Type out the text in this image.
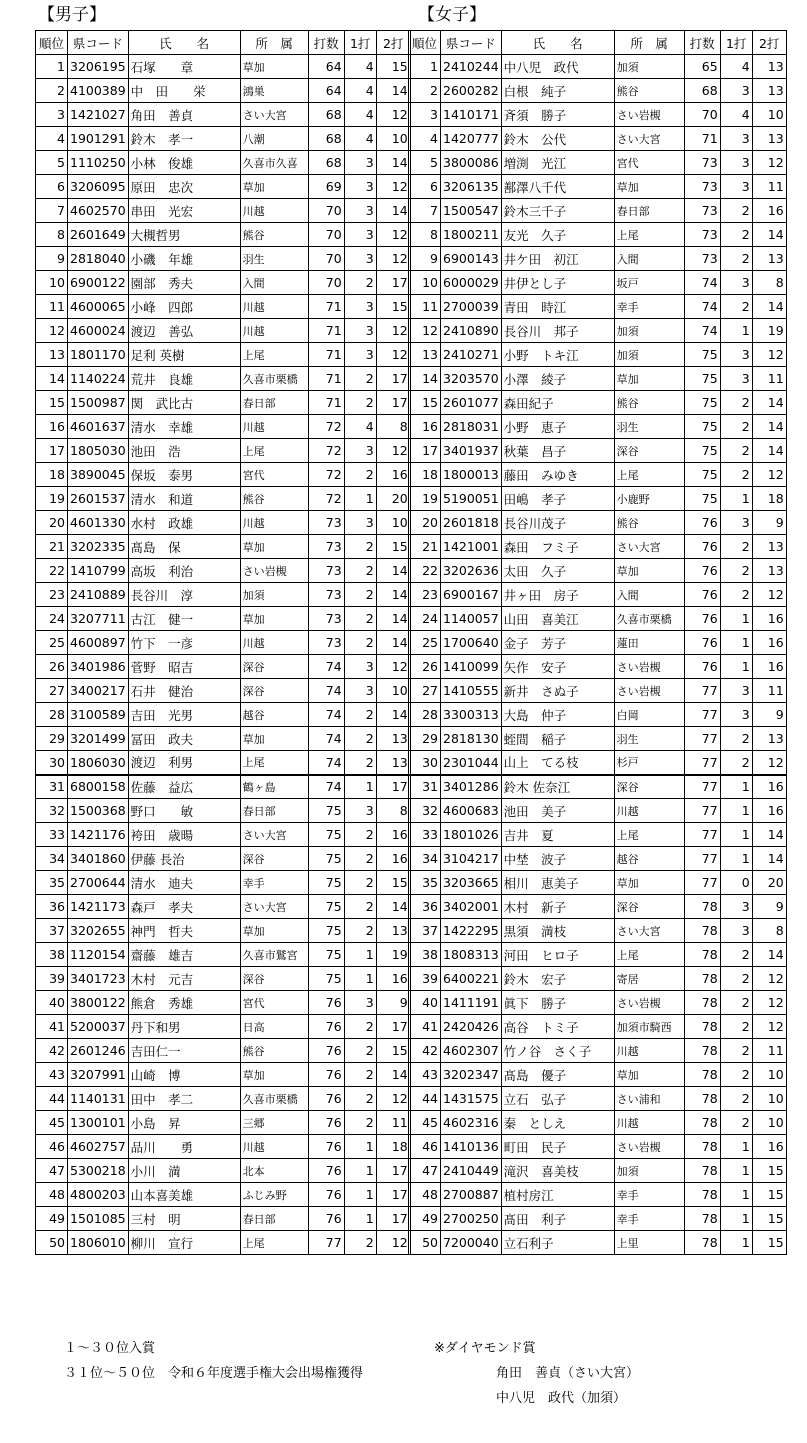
【男子】	【女子】
順位	県コード	氏　　名	所　属	打数	1打	2打
1	3206195	石塚　　章	草加	64	4	15
2	4100389	中　田　　栄	鴻巣	64	4	14
3	1421027	角田　善貞	さい大宮	68	4	12
4	1901291	鈴木　孝一	八潮	68	4	10
5	1110250	小林　俊雄	久喜市久喜	68	3	14
6	3206095	原田　忠次	草加	69	3	12
7	4602570	串田　光宏	川越	70	3	14
8	2601649	大槻哲男	熊谷	70	3	12
9	2818040	小磯　年雄	羽生	70	3	12
10	6900122	園部　秀夫	入間	70	2	17
11	4600065	小峰　四郎	川越	71	3	15
12	4600024	渡辺　善弘	川越	71	3	12
13	1801170	足利 英樹	上尾	71	3	12
14	1140224	荒井　良雄	久喜市栗橋	71	2	17
15	1500987	関　武比古	春日部	71	2	17
16	4601637	清水　幸雄	川越	72	4	8
17	1805030	池田　浩	上尾	72	3	12
18	3890045	保坂　泰男	宮代	72	2	16
19	2601537	清水　和道	熊谷	72	1	20
20	4601330	水村　政雄	川越	73	3	10
21	3202335	髙島　保	草加	73	2	15
22	1410799	高坂　利治	さい岩槻	73	2	14
23	2410889	長谷川　淳	加須	73	2	14
24	3207711	古江　健一	草加	73	2	14
25	4600897	竹下　一彦	川越	73	2	14
26	3401986	菅野　昭吉	深谷	74	3	12
27	3400217	石井　健治	深谷	74	3	10
28	3100589	吉田　光男	越谷	74	2	14
29	3201499	冨田　政夫	草加	74	2	13
30	1806030	渡辺　利男	上尾	74	2	13
31	6800158	佐藤　益広	鶴ヶ島	74	1	17
32	1500368	野口　　敏	春日部	75	3	8
33	1421176	袴田　歳暘	さい大宮	75	2	16
34	3401860	伊藤 長治	深谷	75	2	16
35	2700644	清水　迪夫	幸手	75	2	15
36	1421173	森戸　孝夫	さい大宮	75	2	14
37	3202655	神門　哲夫	草加	75	2	13
38	1120154	齋藤　雄吉	久喜市鷲宮	75	1	19
39	3401723	木村　元吉	深谷	75	1	16
40	3800122	熊倉　秀雄	宮代	76	3	9
41	5200037	丹下和男	日高	76	2	17
42	2601246	吉田仁一	熊谷	76	2	15
43	3207991	山崎　博	草加	76	2	14
44	1140131	田中　孝二	久喜市栗橋	76	2	12
45	1300101	小島　昇	三郷	76	2	11
46	4602757	品川　　勇	川越	76	1	18
47	5300218	小川　満	北本	76	1	17
48	4800203	山本喜美雄	ふじみ野	76	1	17
49	1501085	三村　明	春日部	76	1	17
50	1806010	柳川　宣行	上尾	77	2	12
順位	県コード	氏　　名	所　属	打数	1打	2打
1	2410244	中八児　政代	加須	65	4	13
2	2600282	白根　純子	熊谷	68	3	13
3	1410171	斉須　勝子	さい岩槻	70	4	10
4	1420777	鈴木　公代	さい大宮	71	3	13
5	3800086	増渕　光江	宮代	73	3	12
6	3206135	鄯澤八千代	草加	73	3	11
7	1500547	鈴木三千子	春日部	73	2	16
8	1800211	友光　久子	上尾	73	2	14
9	6900143	井ケ田　初江	入間	73	2	13
10	6000029	井伊とし子	坂戸	74	3	8
11	2700039	青田　時江	幸手	74	2	14
12	2410890	長谷川　邦子	加須	74	1	19
13	2410271	小野　トキ江	加須	75	3	12
14	3203570	小澤　綾子	草加	75	3	11
15	2601077	森田紀子	熊谷	75	2	14
16	2818031	小野　恵子	羽生	75	2	14
17	3401937	秋葉　昌子	深谷	75	2	14
18	1800013	藤田　みゆき	上尾	75	2	12
19	5190051	田嶋　孝子	小鹿野	75	1	18
20	2601818	長谷川茂子	熊谷	76	3	9
21	1421001	森田　フミ子	さい大宮	76	2	13
22	3202636	太田　久子	草加	76	2	13
23	6900167	井ヶ田　房子	入間	76	2	12
24	1140057	山田　喜美江	久喜市栗橋	76	1	16
25	1700640	金子　芳子	蓮田	76	1	16
26	1410099	矢作　安子	さい岩槻	76	1	16
27	1410555	新井　さぬ子	さい岩槻	77	3	11
28	3300313	大島　仲子	白岡	77	3	9
29	2818130	蛭間　稲子	羽生	77	2	13
30	2301044	山上　てる枝	杉戸	77	2	12
31	3401286	鈴木 佐奈江	深谷	77	1	16
32	4600683	池田　美子	川越	77	1	16
33	1801026	吉井　夏	上尾	77	1	14
34	3104217	中埜　波子	越谷	77	1	14
35	3203665	相川　恵美子	草加	77	0	20
36	3402001	木村　新子	深谷	78	3	9
37	1422295	黒須　満枝	さい大宮	78	3	8
38	1808313	河田　ヒロ子	上尾	78	2	14
39	6400221	鈴木　宏子	寄居	78	2	12
40	1411191	眞下　勝子	さい岩槻	78	2	12
41	2420426	高谷　トミ子	加須市騎西	78	2	12
42	4602307	竹ノ谷　さく子	川越	78	2	11
43	3202347	髙島　優子	草加	78	2	10
44	1431575	立石　弘子	さい浦和	78	2	10
45	4602316	秦　としえ	川越	78	2	10
46	1410136	町田　民子	さい岩槻	78	1	16
47	2410449	滝沢　喜美枝	加須	78	1	15
48	2700887	植村房江	幸手	78	1	15
49	2700250	髙田　利子	幸手	78	1	15
50	7200040	立石利子	上里	78	1	15
１～３０位入賞
３１位～５０位　令和６年度選手権大会出場権獲得
※ダイヤモンド賞
角田　善貞（さい大宮）
中八児　政代（加須）
